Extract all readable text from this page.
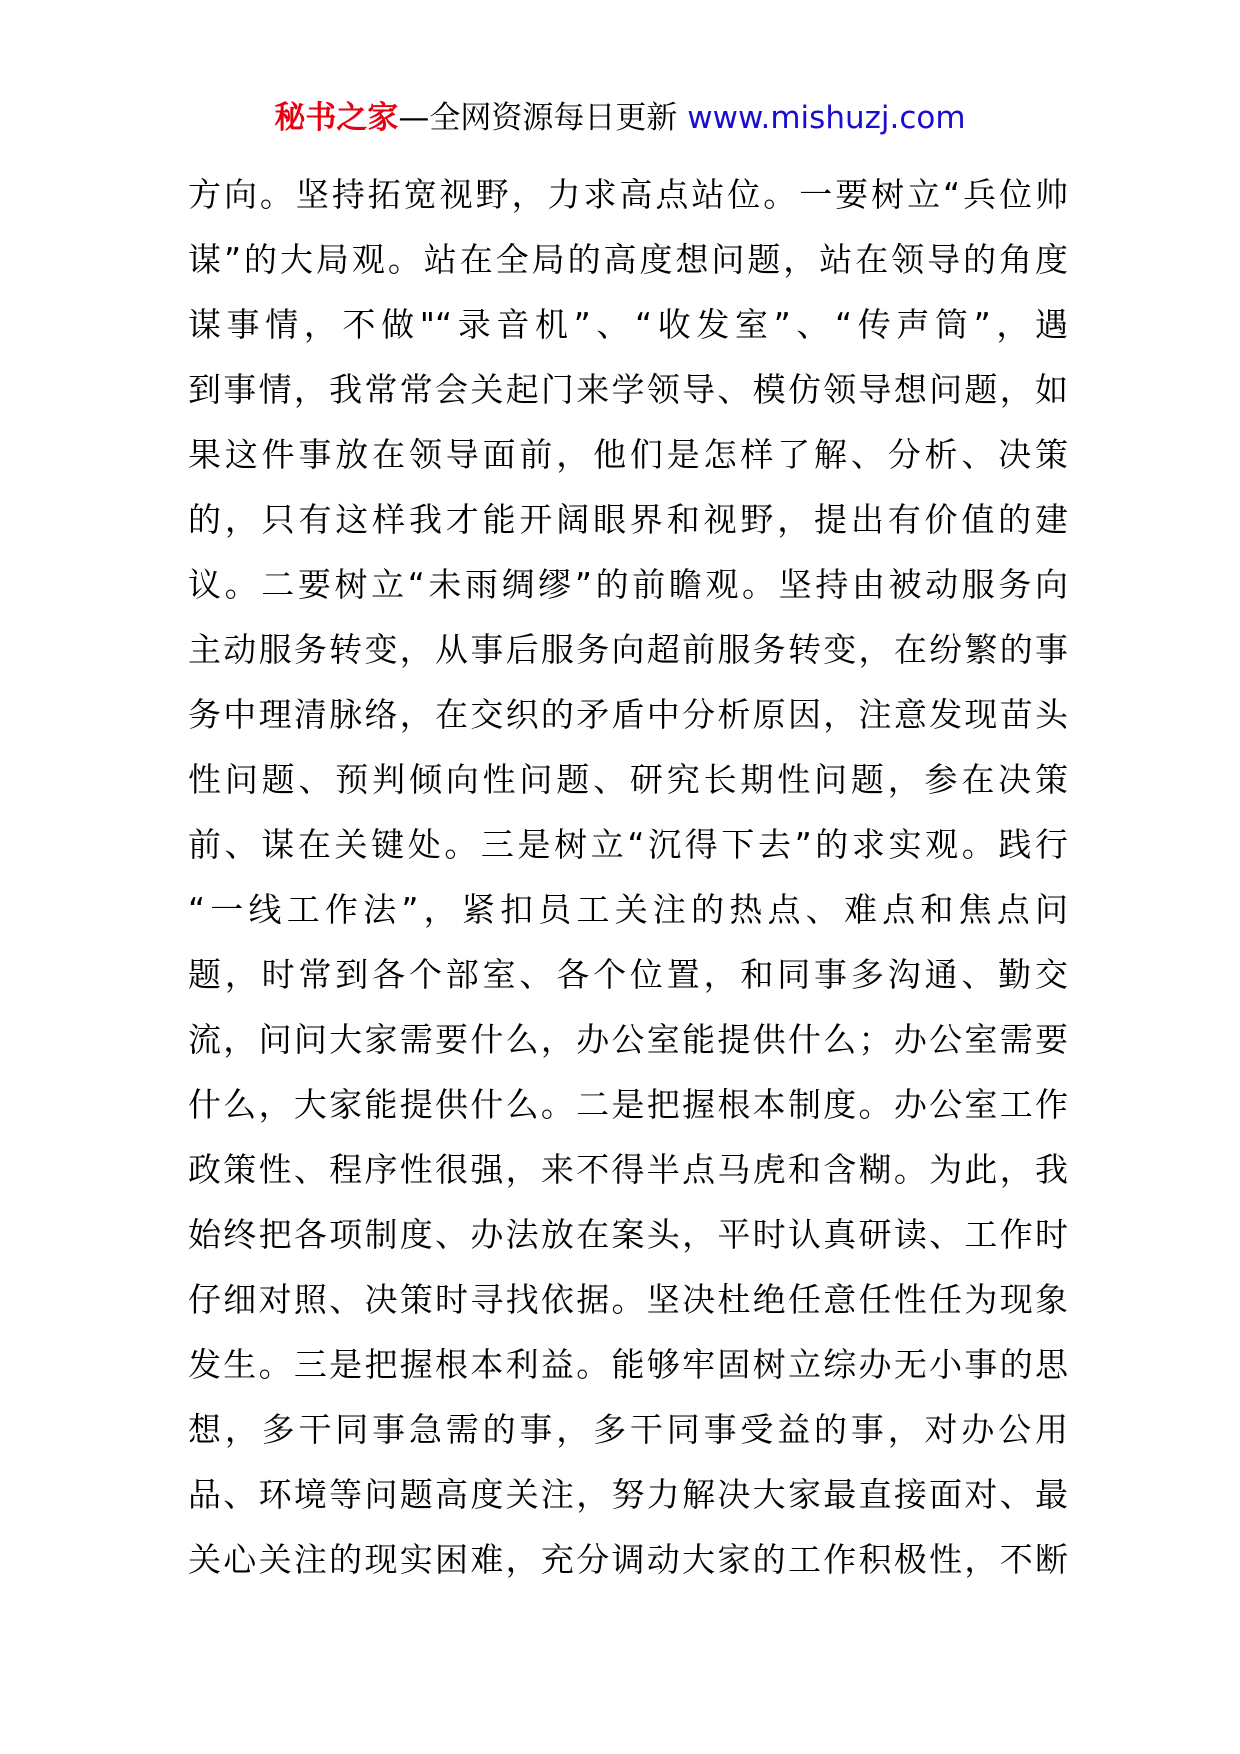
秘书之家—全网资源每日更新 www.mishuzj.com
方向。坚持拓宽视野，力求高点站位。一要树立“兵位帅
谋”的大局观。站在全局的高度想问题，站在领导的角度
谋事情，不做"“录音机”、“收发室”、“传声筒”，遇
到事情，我常常会关起门来学领导、模仿领导想问题，如
果这件事放在领导面前，他们是怎样了解、分析、决策
的，只有这样我才能开阔眼界和视野，提出有价值的建
议。二要树立“未雨绸缪”的前瞻观。坚持由被动服务向
主动服务转变，从事后服务向超前服务转变，在纷繁的事
务中理清脉络，在交织的矛盾中分析原因，注意发现苗头
性问题、预判倾向性问题、研究长期性问题，参在决策
前、谋在关键处。三是树立“沉得下去”的求实观。践行
“一线工作法”，紧扣员工关注的热点、难点和焦点问
题，时常到各个部室、各个位置，和同事多沟通、勤交
流，问问大家需要什么，办公室能提供什么；办公室需要
什么，大家能提供什么。二是把握根本制度。办公室工作
政策性、程序性很强，来不得半点马虎和含糊。为此，我
始终把各项制度、办法放在案头，平时认真研读、工作时
仔细对照、决策时寻找依据。坚决杜绝任意任性任为现象
发生。三是把握根本利益。能够牢固树立综办无小事的思
想，多干同事急需的事，多干同事受益的事，对办公用
品、环境等问题高度关注，努力解决大家最直接面对、最
关心关注的现实困难，充分调动大家的工作积极性，不断
